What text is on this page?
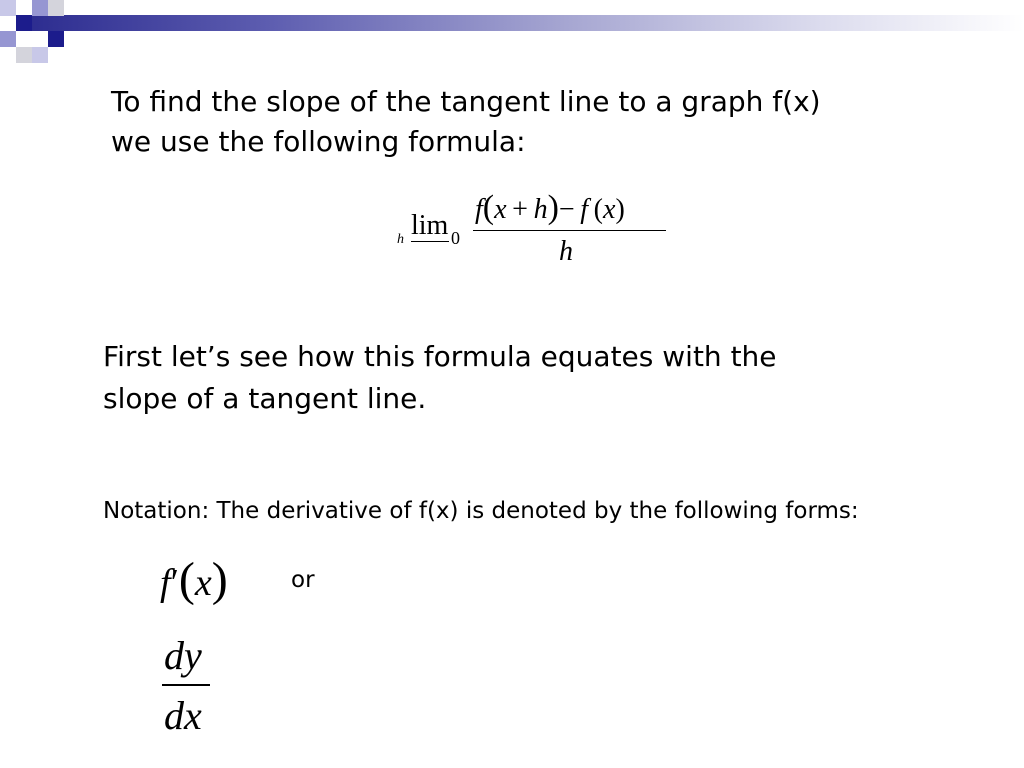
To find the slope of the tangent line to a graph f(x)
we use the following formula:

h lim 0
f(x  +  h)−  f (x)
h

First let’s see how this formula equates with the
slope of a tangent line.

Notation: The derivative of f(x) is denoted by the following forms:

f′(x)	or
dy
dx
